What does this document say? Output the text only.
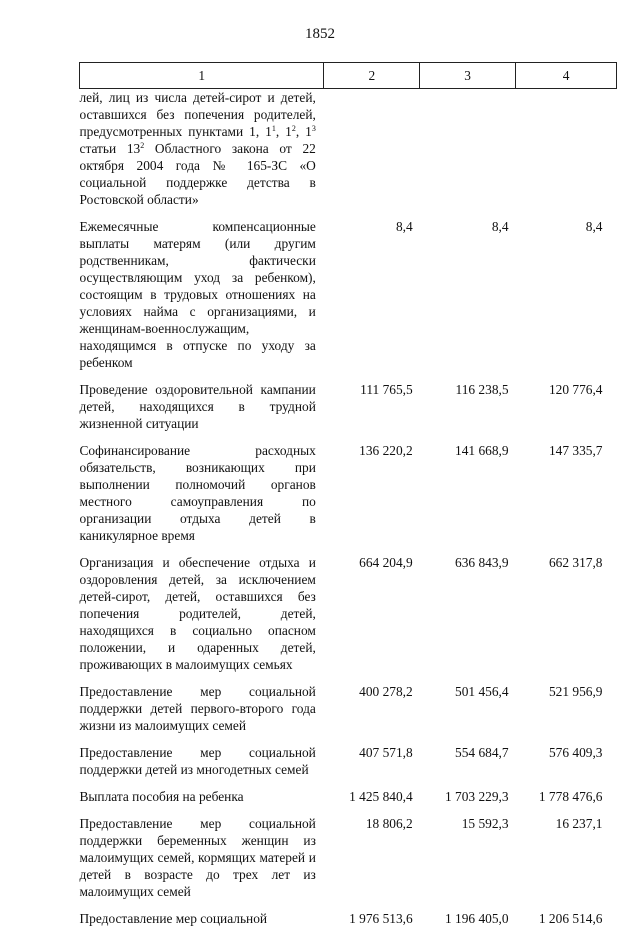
1852
1	2	3	4
лей, лиц из числа детей-сирот и детей, оставшихся без попечения родителей, предусмотренных пунктами 1, $1^1$, $1^2$, $1^3$ статьи $13^2$ Областного закона от 22 октября 2004 года № 165-ЗС «О социальной поддержке детства в Ростовской области»			
Ежемесячные компенсационные выплаты матерям (или другим родственникам, фактически осуществляющим уход за ребенком), состоящим в трудовых отношениях на условиях найма с организациями, и женщинам-военнослужащим, находящимся в отпуске по уходу за ребенком	8,4	8,4	8,4
Проведение оздоровительной кампании детей, находящихся в трудной жизненной ситуации	111 765,5	116 238,5	120 776,4
Софинансирование расходных обязательств, возникающих при выполнении полномочий органов местного самоуправления по организации отдыха детей в каникулярное время	136 220,2	141 668,9	147 335,7
Организация и обеспечение отдыха и оздоровления детей, за исключением детей-сирот, детей, оставшихся без попечения родителей, детей, находящихся в социально опасном положении, и одаренных детей, проживающих в малоимущих семьях	664 204,9	636 843,9	662 317,8
Предоставление мер социальной поддержки детей первого-второго года жизни из малоимущих семей	400 278,2	501 456,4	521 956,9
Предоставление мер социальной поддержки детей из многодетных семей	407 571,8	554 684,7	576 409,3
Выплата пособия на ребенка	1 425 840,4	1 703 229,3	1 778 476,6
Предоставление мер социальной поддержки беременных женщин из малоимущих семей, кормящих матерей и детей в возрасте до трех лет из малоимущих семей	18 806,2	15 592,3	16 237,1
Предоставление мер социальной	1 976 513,6	1 196 405,0	1 206 514,6
